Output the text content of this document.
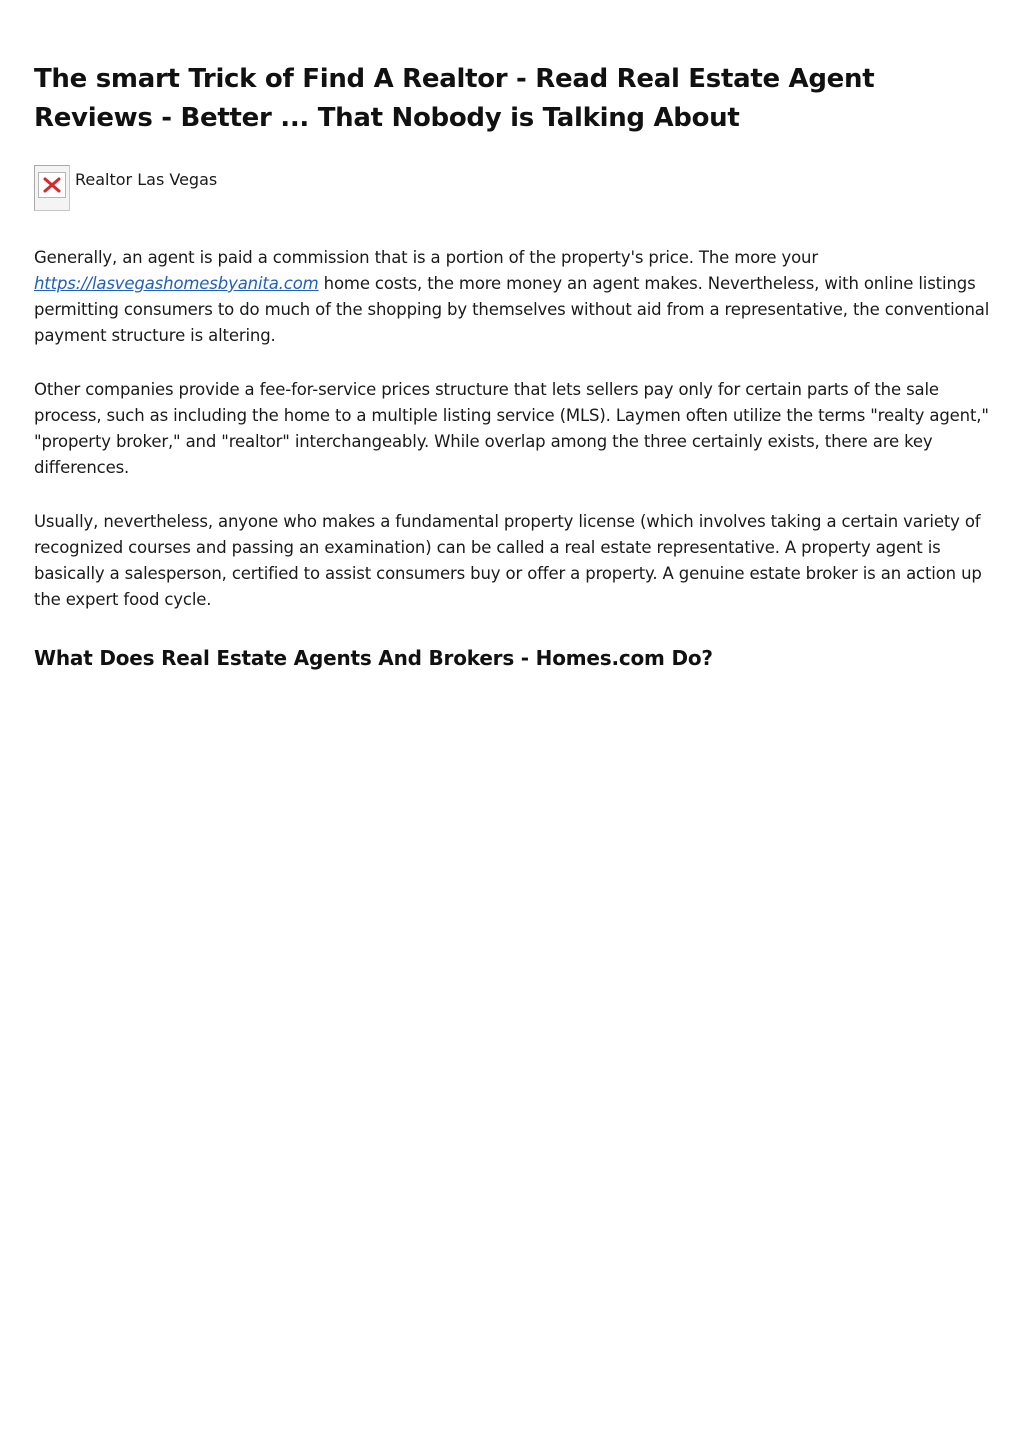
The smart Trick of Find A Realtor - Read Real Estate Agent Reviews - Better ... That Nobody is Talking About
Realtor Las Vegas

Generally, an agent is paid a commission that is a portion of the property's price. The more your https://lasvegashomesbyanita.com home costs, the more money an agent makes. Nevertheless, with online listings permitting consumers to do much of the shopping by themselves without aid from a representative, the conventional payment structure is altering.

Other companies provide a fee-for-service prices structure that lets sellers pay only for certain parts of the sale process, such as including the home to a multiple listing service (MLS). Laymen often utilize the terms "realty agent," "property broker," and "realtor" interchangeably. While overlap among the three certainly exists, there are key differences.

Usually, nevertheless, anyone who makes a fundamental property license (which involves taking a certain variety of recognized courses and passing an examination) can be called a real estate representative. A property agent is basically a salesperson, certified to assist consumers buy or offer a property. A genuine estate broker is an action up the expert food cycle.

What Does Real Estate Agents And Brokers - Homes.com Do?
